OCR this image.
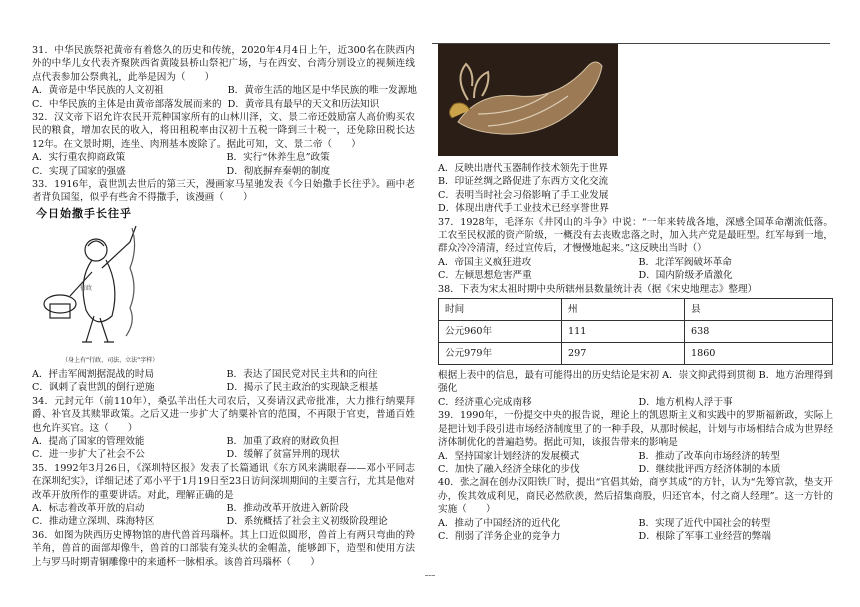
31．中华民族祭祀黄帝有着悠久的历史和传统，2020年4月4日上午，近300名在陕西内外的中华儿女代表齐聚陕西省黄陵县桥山祭祀广场，与在西安、台湾分别设立的视频连线点代表参加公祭典礼，此举是因为（　　）

A．黄帝是中华民族的人文初祖	B．黄帝生活的地区是中华民族的唯一发源地
C．中华民族的主体是由黄帝部落发展而来的 D．黄帝具有最早的天文和历法知识

32．汉文帝下诏允许农民开荒种国家所有的山林川泽，文、景二帝还鼓励富人高价购买农民的粮食，增加农民的收入，将田租税率由汉初十五税一降到三十税一，还免除田税长达12年。在文景时期，连坐、肉刑基本废除了。据此可知，文、景二帝（　　）

A．实行重农抑商政策	B．实行“休养生息”政策
C．实现了国家的强盛	D．彻底摒弃秦朝的制度

33．1916年，袁世凯去世后的第三天，漫画家马星驰发表《今日始撒手长往乎》。画中老者背负国玺，似乎有些舍不得撒手，该漫画（　　）

今日始撒手长往乎
行政
（身上有“行政、司法、立法”字样）
A．抨击军阀割据混战的时局	B．表达了国民党对民主共和的向往
C．讽刺了袁世凯的倒行逆施	D．揭示了民主政治的实现缺乏根基

34．元封元年（前110年），桑弘羊出任大司农后，又奏请汉武帝批准，大力推行纳粟拜爵、补官及其赎罪政策。之后又进一步扩大了纳粟补官的范围，不再限于官吏，普通百姓也允许买官。这（　　）

A．提高了国家的管理效能	B．加重了政府的财政负担
C．进一步扩大了社会不公	D．缓解了贫富异刑的现状

35．1992年3月26日，《深圳特区报》发表了长篇通讯《东方风来满眼春——邓小平同志在深圳纪实》，详细记述了邓小平于1月19日至23日访问深圳期间的主要言行，尤其是他对改革开放所作的重要讲话。对此，理解正确的是

A．标志着改革开放的启动	B．推动改革开放进入新阶段
C．推动建立深圳、珠海特区	D．系统概括了社会主义初级阶段理论

36．如图为陕西历史博物馆的唐代兽首玛瑙杯。其上口近似圆形，兽首上有两只弯曲的羚羊角，兽首的面部却像牛，兽首的口部装有笼头状的金帽盖，能够卸下，造型和使用方法上与罗马时期青铜雕像中的来通杯一脉相承。该兽首玛瑙杯（　　）

A．反映出唐代玉器制作技术领先于世界
B．印证丝绸之路促进了东西方文化交流
C．表明当时社会习俗影响了手工业发展
D．体现出唐代手工业技术已经享誉世界

37．1928年，毛泽东《井冈山的斗争》中说：“一年来转战各地，深感全国革命潮流低落。工农至民权派的资产阶级，一概没有去丧败忠落之时，加入共产党是最旺型。红军每到一地，群众冷冷清清，经过宣传后，才慢慢地起来。”这反映出当时（）

A．帝国主义疯狂进攻	B．北洋军阀破坏革命
C．左倾思想危害严重	D．国内阶级矛盾激化

38．下表为宋太祖时期中央所辖州县数量统计表（据《宋史地理志》整理）

时间	州	县
公元960年	111	638
公元979年	297	1860

根据上表中的信息，最有可能得出的历史结论是宋初 A．崇文抑武得到贯彻 B．地方治理得到强化

C．经济重心完成南移	D．地方机构人浮于事

39．1990年，一份提交中央的报告说，理论上的凯恩斯主义和实践中的罗斯福新政，实际上是把计划手段引进市场经济制度里了的一种手段，从那时候起，计划与市场相结合成为世界经济体制优化的普遍趋势。据此可知，该报告带来的影响是

A．坚持国家计划经济的发展模式	B．推动了改革向市场经济的转型
C．加快了融入经济全球化的步伐	D．继续批评西方经济体制的本质

40．张之洞在创办汉阳铁厂时，提出“官倡其始，商亨其成”的方针，认为“先筹官款，垫支开办，俟其效成利见，商民必然欣羡，然后招集商股，归还官本，付之商人经理”。这一方针的实施（　　）

A．推动了中国经济的近代化	B．实现了近代中国社会的转型
C．削弱了洋务企业的竞争力	D．根除了军事工业经营的弊端
